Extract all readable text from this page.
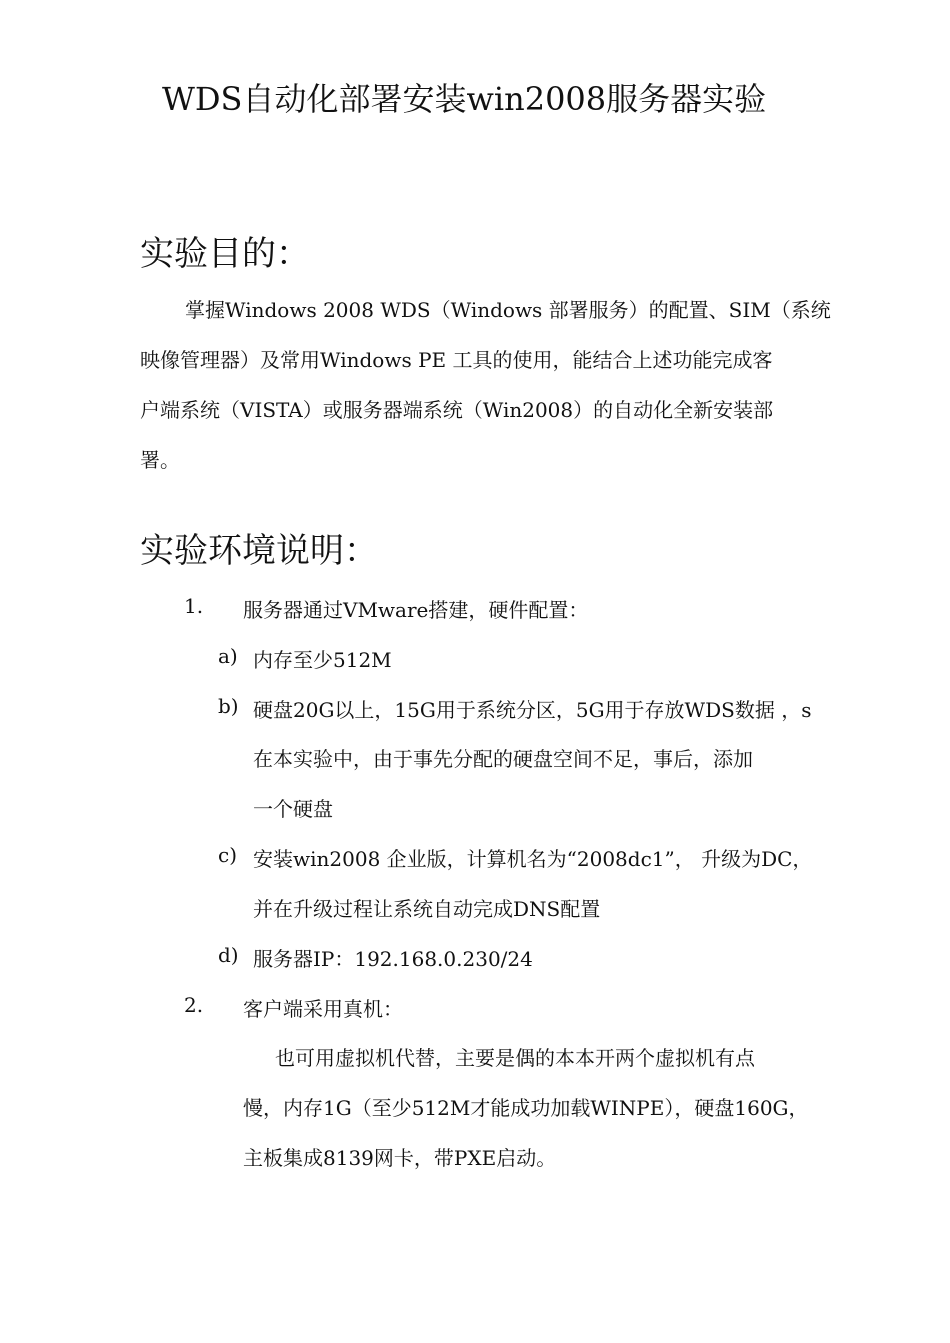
WDS自动化部署安装win2008服务器实验
实验目的：
掌握Windows 2008 WDS（Windows 部署服务）的配置、SIM（系统
映像管理器）及常用Windows PE 工具的使用，能结合上述功能完成客
户端系统（VISTA）或服务器端系统（Win2008）的自动化全新安装部
署。
实验环境说明：
1. 服务器通过VMware搭建，硬件配置：
a) 内存至少512M
b) 硬盘20G以上，15G用于系统分区，5G用于存放WDS数据 ，s
在本实验中，由于事先分配的硬盘空间不足，事后，添加
一个硬盘
c) 安装win2008 企业版，计算机名为“2008dc1”， 升级为DC，
并在升级过程让系统自动完成DNS配置
d) 服务器IP：192.168.0.230/24
2. 客户端采用真机：
也可用虚拟机代替，主要是偶的本本开两个虚拟机有点
慢，内存1G（至少512M才能成功加载WINPE），硬盘160G，
主板集成8139网卡，带PXE启动。
